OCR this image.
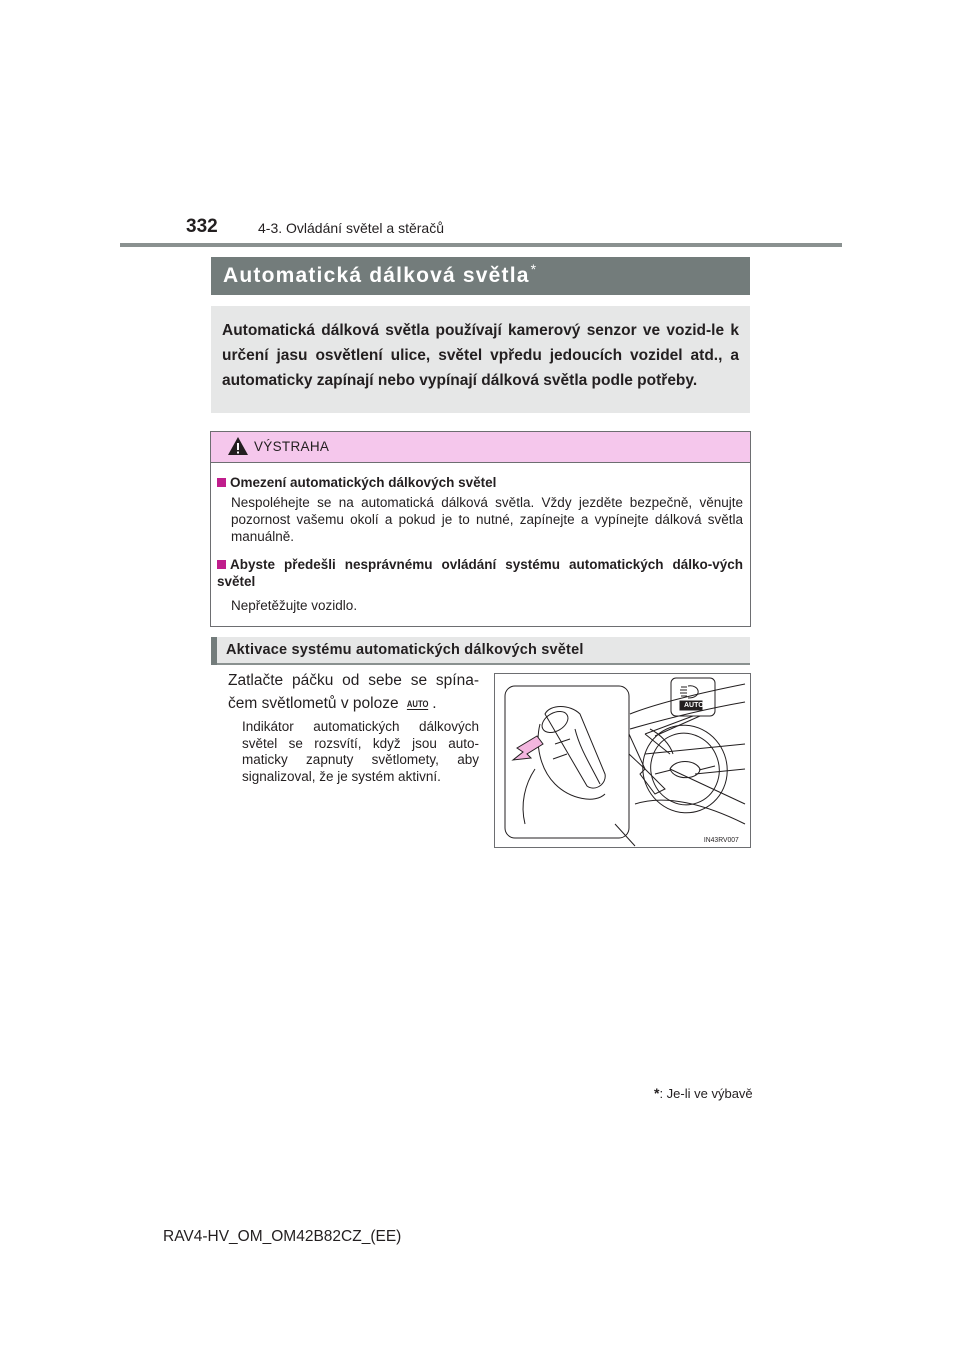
332	4-3. Ovládání světel a stěračů
Automatická dálková světla*
Automatická dálková světla používají kamerový senzor ve vozid-le k určení jasu osvětlení ulice, světel vpředu jedoucích vozidel atd., a automaticky zapínají nebo vypínají dálková světla podle potřeby.
VÝSTRAHA
Omezení automatických dálkových světel
Nespoléhejte se na automatická dálková světla. Vždy jezděte bezpečně, věnujte pozornost vašemu okolí a pokud je to nutné, zapínejte a vypínejte dálková světla manuálně.
Abyste předešli nesprávnému ovládání systému automatických dálko-vých světel
Nepřetěžujte vozidlo.
Aktivace systému automatických dálkových světel
Zatlačte páčku od sebe se spína-čem světlometů v poloze AUTO .
Indikátor automatických dálkových světel se rozsvítí, když jsou auto-maticky zapnuty světlomety, aby signalizoval, že je systém aktivní.
AUTO
IN43RV007
*: Je-li ve výbavě
RAV4-HV_OM_OM42B82CZ_(EE)
